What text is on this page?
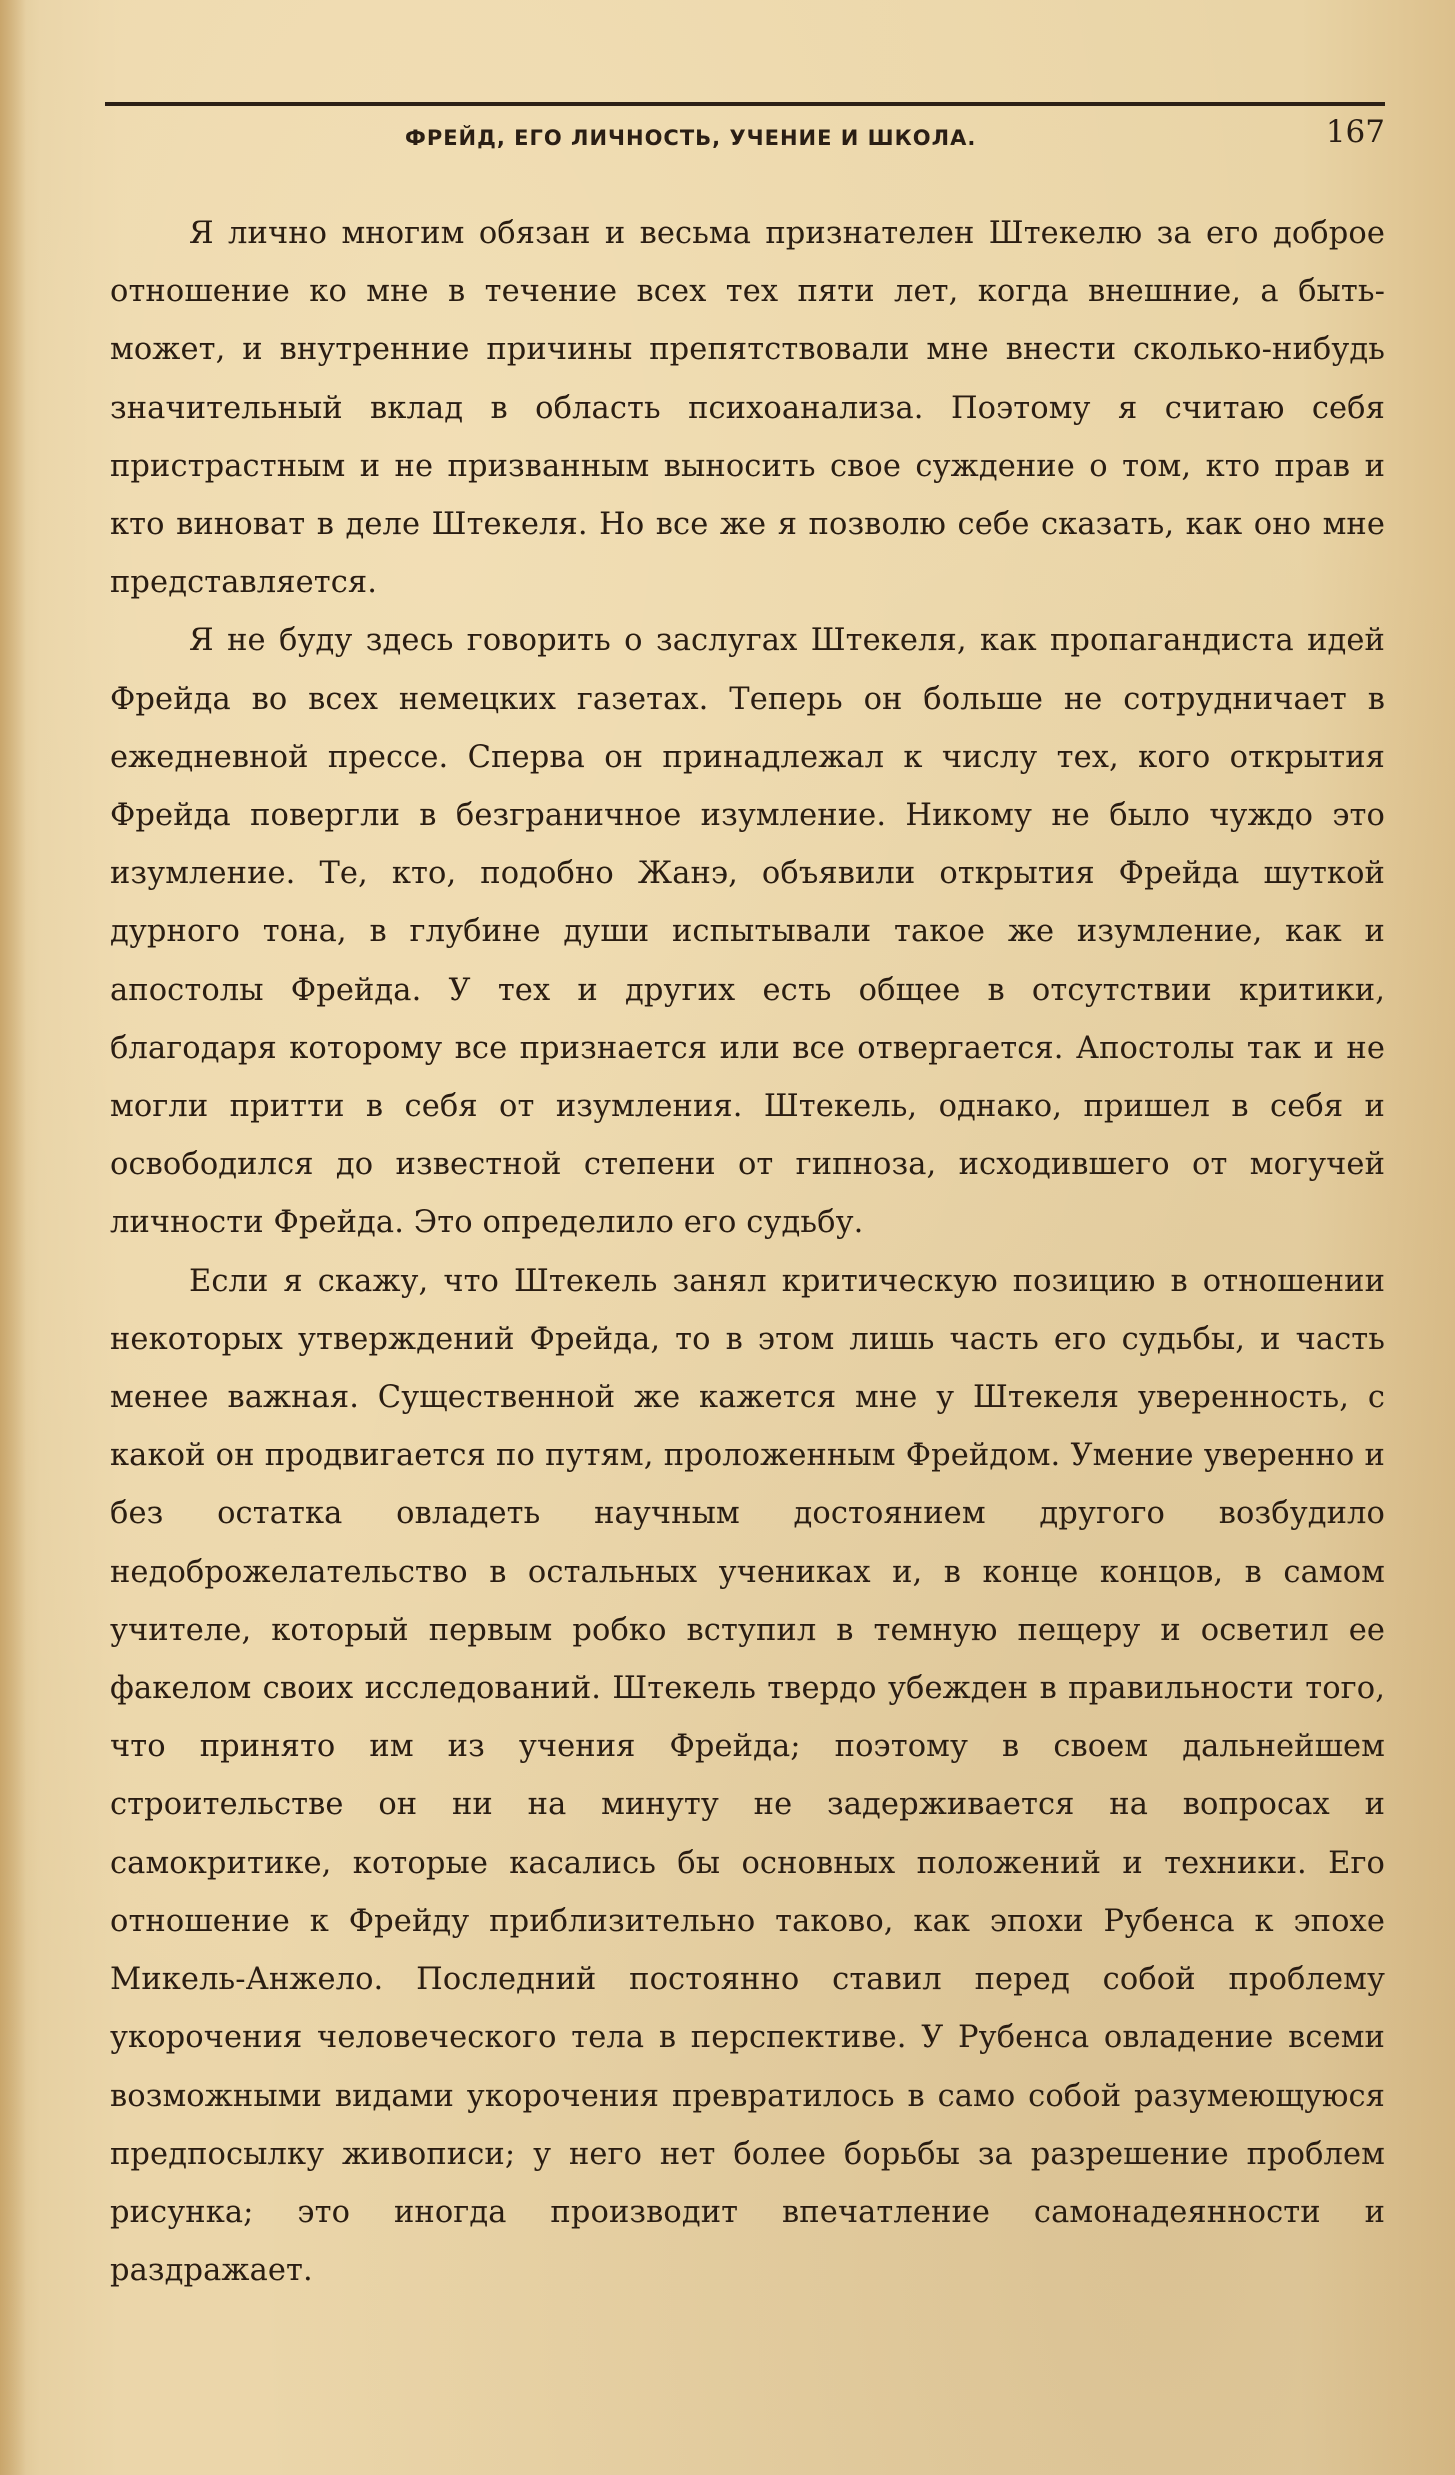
ФРЕЙД, ЕГО ЛИЧНОСТЬ, УЧЕНИЕ И ШКОЛА.	167

Я лично многим обязан и весьма признателен Штекелю за его доброе отношение ко мне в течение всех тех пяти лет, когда внешние, а быть-может, и внутренние причины препятствовали мне внести сколько-нибудь значительный вклад в область психоанализа. Поэтому я считаю себя пристрастным и не призванным выносить свое суждение о том, кто прав и кто виноват в деле Штекеля. Но все же я позволю себе сказать, как оно мне представляется.

Я не буду здесь говорить о заслугах Штекеля, как пропагандиста идей Фрейда во всех немецких газетах. Теперь он больше не сотрудничает в ежедневной прессе. Сперва он принадлежал к числу тех, кого открытия Фрейда повергли в безграничное изумление. Никому не было чуждо это изумление. Те, кто, подобно Жанэ, объявили открытия Фрейда шуткой дурного тона, в глубине души испытывали такое же изумление, как и апостолы Фрейда. У тех и других есть общее в отсутствии критики, благодаря которому все признается или все отвергается. Апостолы так и не могли притти в себя от изумления. Штекель, однако, пришел в себя и освободился до известной степени от гипноза, исходившего от могучей личности Фрейда. Это определило его судьбу.

Если я скажу, что Штекель занял критическую позицию в отношении некоторых утверждений Фрейда, то в этом лишь часть его судьбы, и часть менее важная. Существенной же кажется мне у Штекеля уверенность, с какой он продвигается по путям, проложенным Фрейдом. Умение уверенно и без остатка овладеть научным достоянием другого возбудило недоброжелательство в остальных учениках и, в конце концов, в самом учителе, который первым робко вступил в темную пещеру и осветил ее факелом своих исследований. Штекель твердо убежден в правильности того, что принято им из учения Фрейда; поэтому в своем дальнейшем строительстве он ни на минуту не задерживается на вопросах и самокритике, которые касались бы основных положений и техники. Его отношение к Фрейду приблизительно таково, как эпохи Рубенса к эпохе Микель-Анжело. Последний постоянно ставил перед собой проблему укорочения человеческого тела в перспективе. У Рубенса овладение всеми возможными видами укорочения превратилось в само собой разумеющуюся предпосылку живописи; у него нет более борьбы за разрешение проблем рисунка; это иногда производит впечатление самонадеянности и раздражает.
